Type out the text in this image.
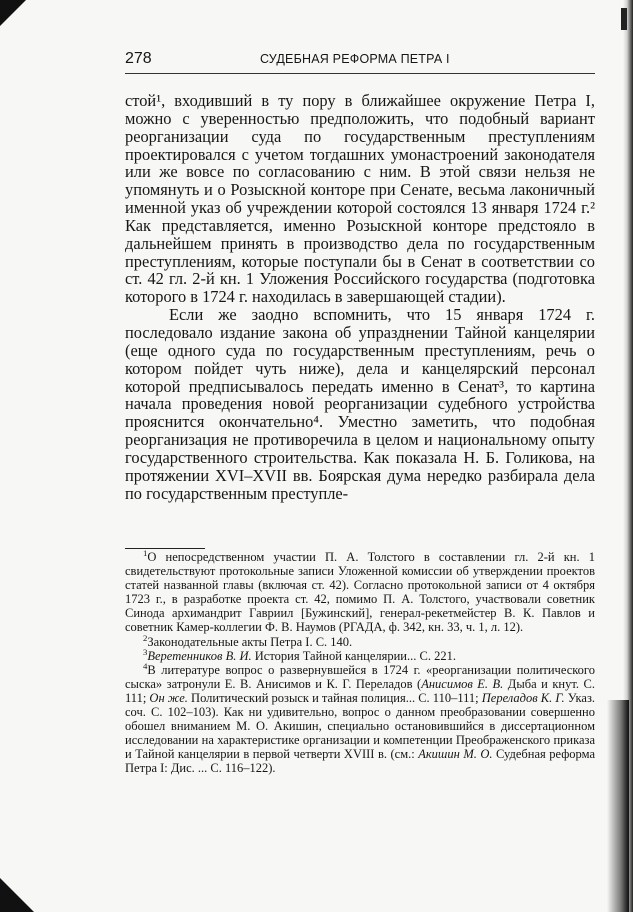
278	СУДЕБНАЯ РЕФОРМА ПЕТРА I

стой¹, входивший в ту пору в ближайшее окружение Петра I, можно с уверенностью предположить, что подобный вариант реорганизации суда по государственным преступлениям проектировался с учетом тогдашних умонастроений законодателя или же вовсе по согласованию с ним. В этой связи нельзя не упомянуть и о Розыскной конторе при Сенате, весьма лаконичный именной указ об учреждении которой состоялся 13 января 1724 г.² Как представляется, именно Розыскной конторе предстояло в дальнейшем принять в производство дела по государственным преступлениям, которые поступали бы в Сенат в соответствии со ст. 42 гл. 2-й кн. 1 Уложения Российского государства (подготовка которого в 1724 г. находилась в завершающей стадии).

Если же заодно вспомнить, что 15 января 1724 г. последовало издание закона об упразднении Тайной канцелярии (еще одного суда по государственным преступлениям, речь о котором пойдет чуть ниже), дела и канцелярский персонал которой предписывалось передать именно в Сенат³, то картина начала проведения новой реорганизации судебного устройства прояснится окончательно⁴. Уместно заметить, что подобная реорганизация не противоречила в целом и национальному опыту государственного строительства. Как показала Н. Б. Голикова, на протяжении XVI–XVII вв. Боярская дума нередко разбирала дела по государственным преступле-

$^1$О непосредственном участии П. А. Толстого в составлении гл. 2-й кн. 1 свидетельствуют протокольные записи Уложенной комиссии об утверждении проектов статей названной главы (включая ст. 42). Согласно протокольной записи от 4 октября 1723 г., в разработке проекта ст. 42, помимо П. А. Толстого, участвовали советник Синода архимандрит Гавриил [Бужинский], генерал-рекетмейстер В. К. Павлов и советник Камер-коллегии Ф. В. Наумов (РГАДА, ф. 342, кн. 33, ч. 1, л. 12).

$^2$Законодательные акты Петра I. С. 140.

$^3$Веретенников В. И. История Тайной канцелярии... С. 221.

$^4$В литературе вопрос о развернувшейся в 1724 г. «реорганизации политического сыска» затронули Е. В. Анисимов и К. Г. Переладов (Анисимов Е. В. Дыба и кнут. С. 111; Он же. Политический розыск и тайная полиция... С. 110–111; Переладов К. Г. Указ. соч. С. 102–103). Как ни удивительно, вопрос о данном преобразовании совершенно обошел вниманием М. О. Акишин, специально остановившийся в диссертационном исследовании на характеристике организации и компетенции Преображенского приказа и Тайной канцелярии в первой четверти XVIII в. (см.: Акишин М. О. Судебная реформа Петра I: Дис. ... С. 116–122).
